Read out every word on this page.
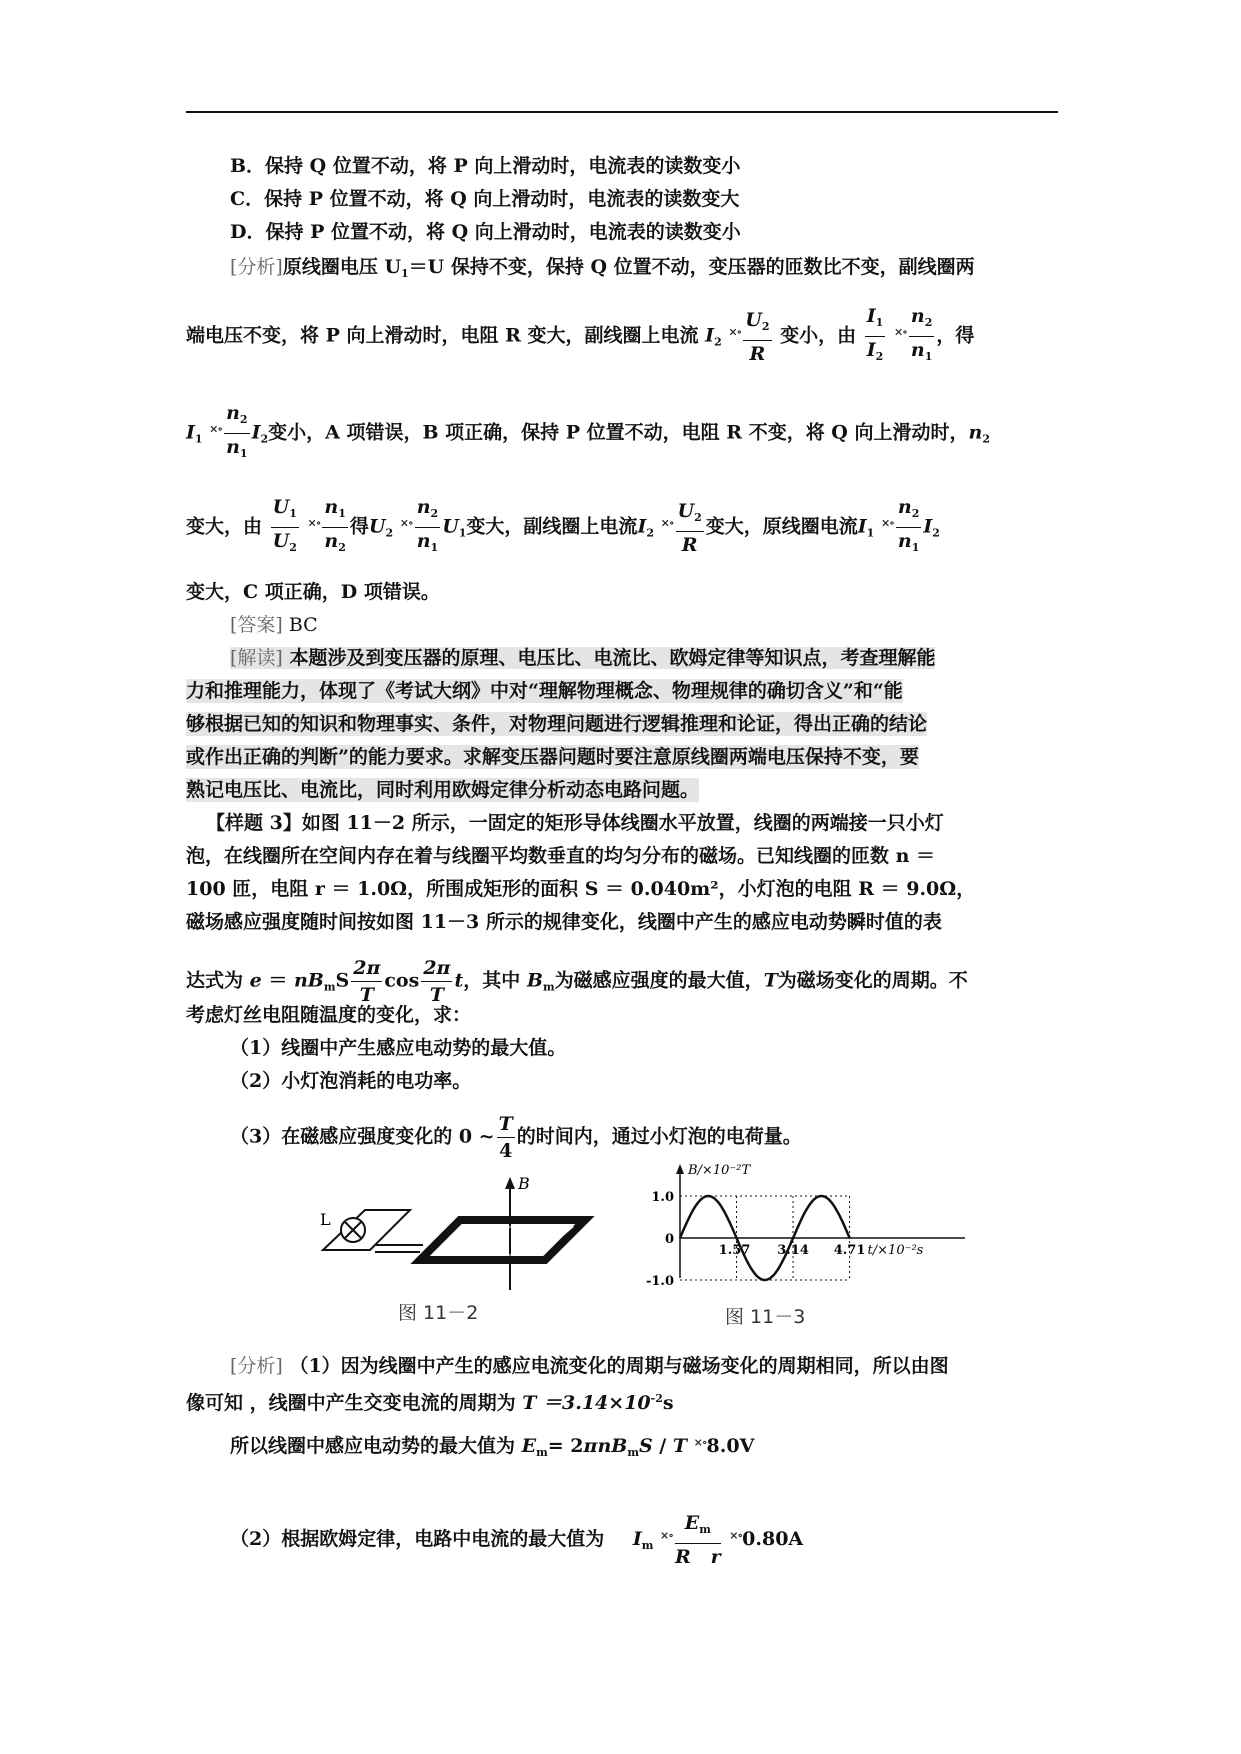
B．保持 Q 位置不动，将 P 向上滑动时，电流表的读数变小
C．保持 P 位置不动，将 Q 向上滑动时，电流表的读数变大
D．保持 P 位置不动，将 Q 向上滑动时，电流表的读数变小
[分析]原线圈电压 $U_1=U$ 保持不变，保持 Q 位置不动，变压器的匝数比不变，副线圈两
端电压不变，将 P 向上滑动时，电阻 R 变大，副线圈上电流 $I_2$ $^{\times\circ} \frac{U_2}{R}$ 变小，由 $\frac{I_1}{I_2} ^{\times\circ} \frac{n_2}{n_1}$ ，得
$I_1$ $^{\times\circ} \frac{n_2}{n_1} I_2$变小，A 项错误，B 项正确，保持 P 位置不动，电阻 R 不变，将 Q 向上滑动时，$n_2$
变大，由 $\frac{U_1}{U_2} ^{\times\circ} \frac{n_1}{n_2}$ 得$U_2$ $^{\times\circ} \frac{n_2}{n_1} U_1$变大，副线圈上电流$I_2$ $^{\times\circ} \frac{U_2}{R}$ 变大，原线圈电流$I_1$ $^{\times\circ} \frac{n_2}{n_1} I_2$
变大，C 项正确，D 项错误。
[答案] BC
[解读] 本题涉及到变压器的原理、电压比、电流比、欧姆定律等知识点，考查理解能
力和推理能力，体现了《考试大纲》中对“理解物理概念、物理规律的确切含义”和“能
够根据已知的知识和物理事实、条件，对物理问题进行逻辑推理和论证，得出正确的结论
或作出正确的判断”的能力要求。求解变压器问题时要注意原线圈两端电压保持不变，要
熟记电压比、电流比，同时利用欧姆定律分析动态电路问题。
【样题 3】如图 11－2 所示，一固定的矩形导体线圈水平放置，线圈的两端接一只小灯
泡，在线圈所在空间内存在着与线圈平均数垂直的均匀分布的磁场。已知线圈的匝数 n ＝
100 匝，电阻 r ＝ 1.0Ω，所围成矩形的面积 S ＝ 0.040m²，小灯泡的电阻 R ＝ 9.0Ω，
磁场感应强度随时间按如图 11－3 所示的规律变化，线圈中产生的感应电动势瞬时值的表
达式为 $e = nB_mS \frac{2\pi}{T}$ $\cos \frac{2\pi}{T}$ t，其中 $B_m$为磁感应强度的最大值，T为磁场变化的周期。不
考虑灯丝电阻随温度的变化，求：
（1）线圈中产生感应电动势的最大值。
（2）小灯泡消耗的电功率。
（3）在磁感应强度变化的 0 ~ $\frac{T}{4}$ 的时间内，通过小灯泡的电荷量。
B
L
图 11－2
1.0
0
-1.0
1.57 3.14 4.71
B/×10⁻²T
t/×10⁻²s
图 11－3
[分析] （1）因为线圈中产生的感应电流变化的周期与磁场变化的周期相同，所以由图
像可知 ，线圈中产生交变电流的周期为 $T =3.14\times 10^{-2}s$
所以线圈中感应电动势的最大值为 $E_m= 2\pi nB_mS / T$ ×∘8.0V
（2）根据欧姆定律，电路中电流的最大值为 $I_m$ $^{\times\circ} \frac{E_m}{\text{R   r}} ^{\times\circ}0.80A$
